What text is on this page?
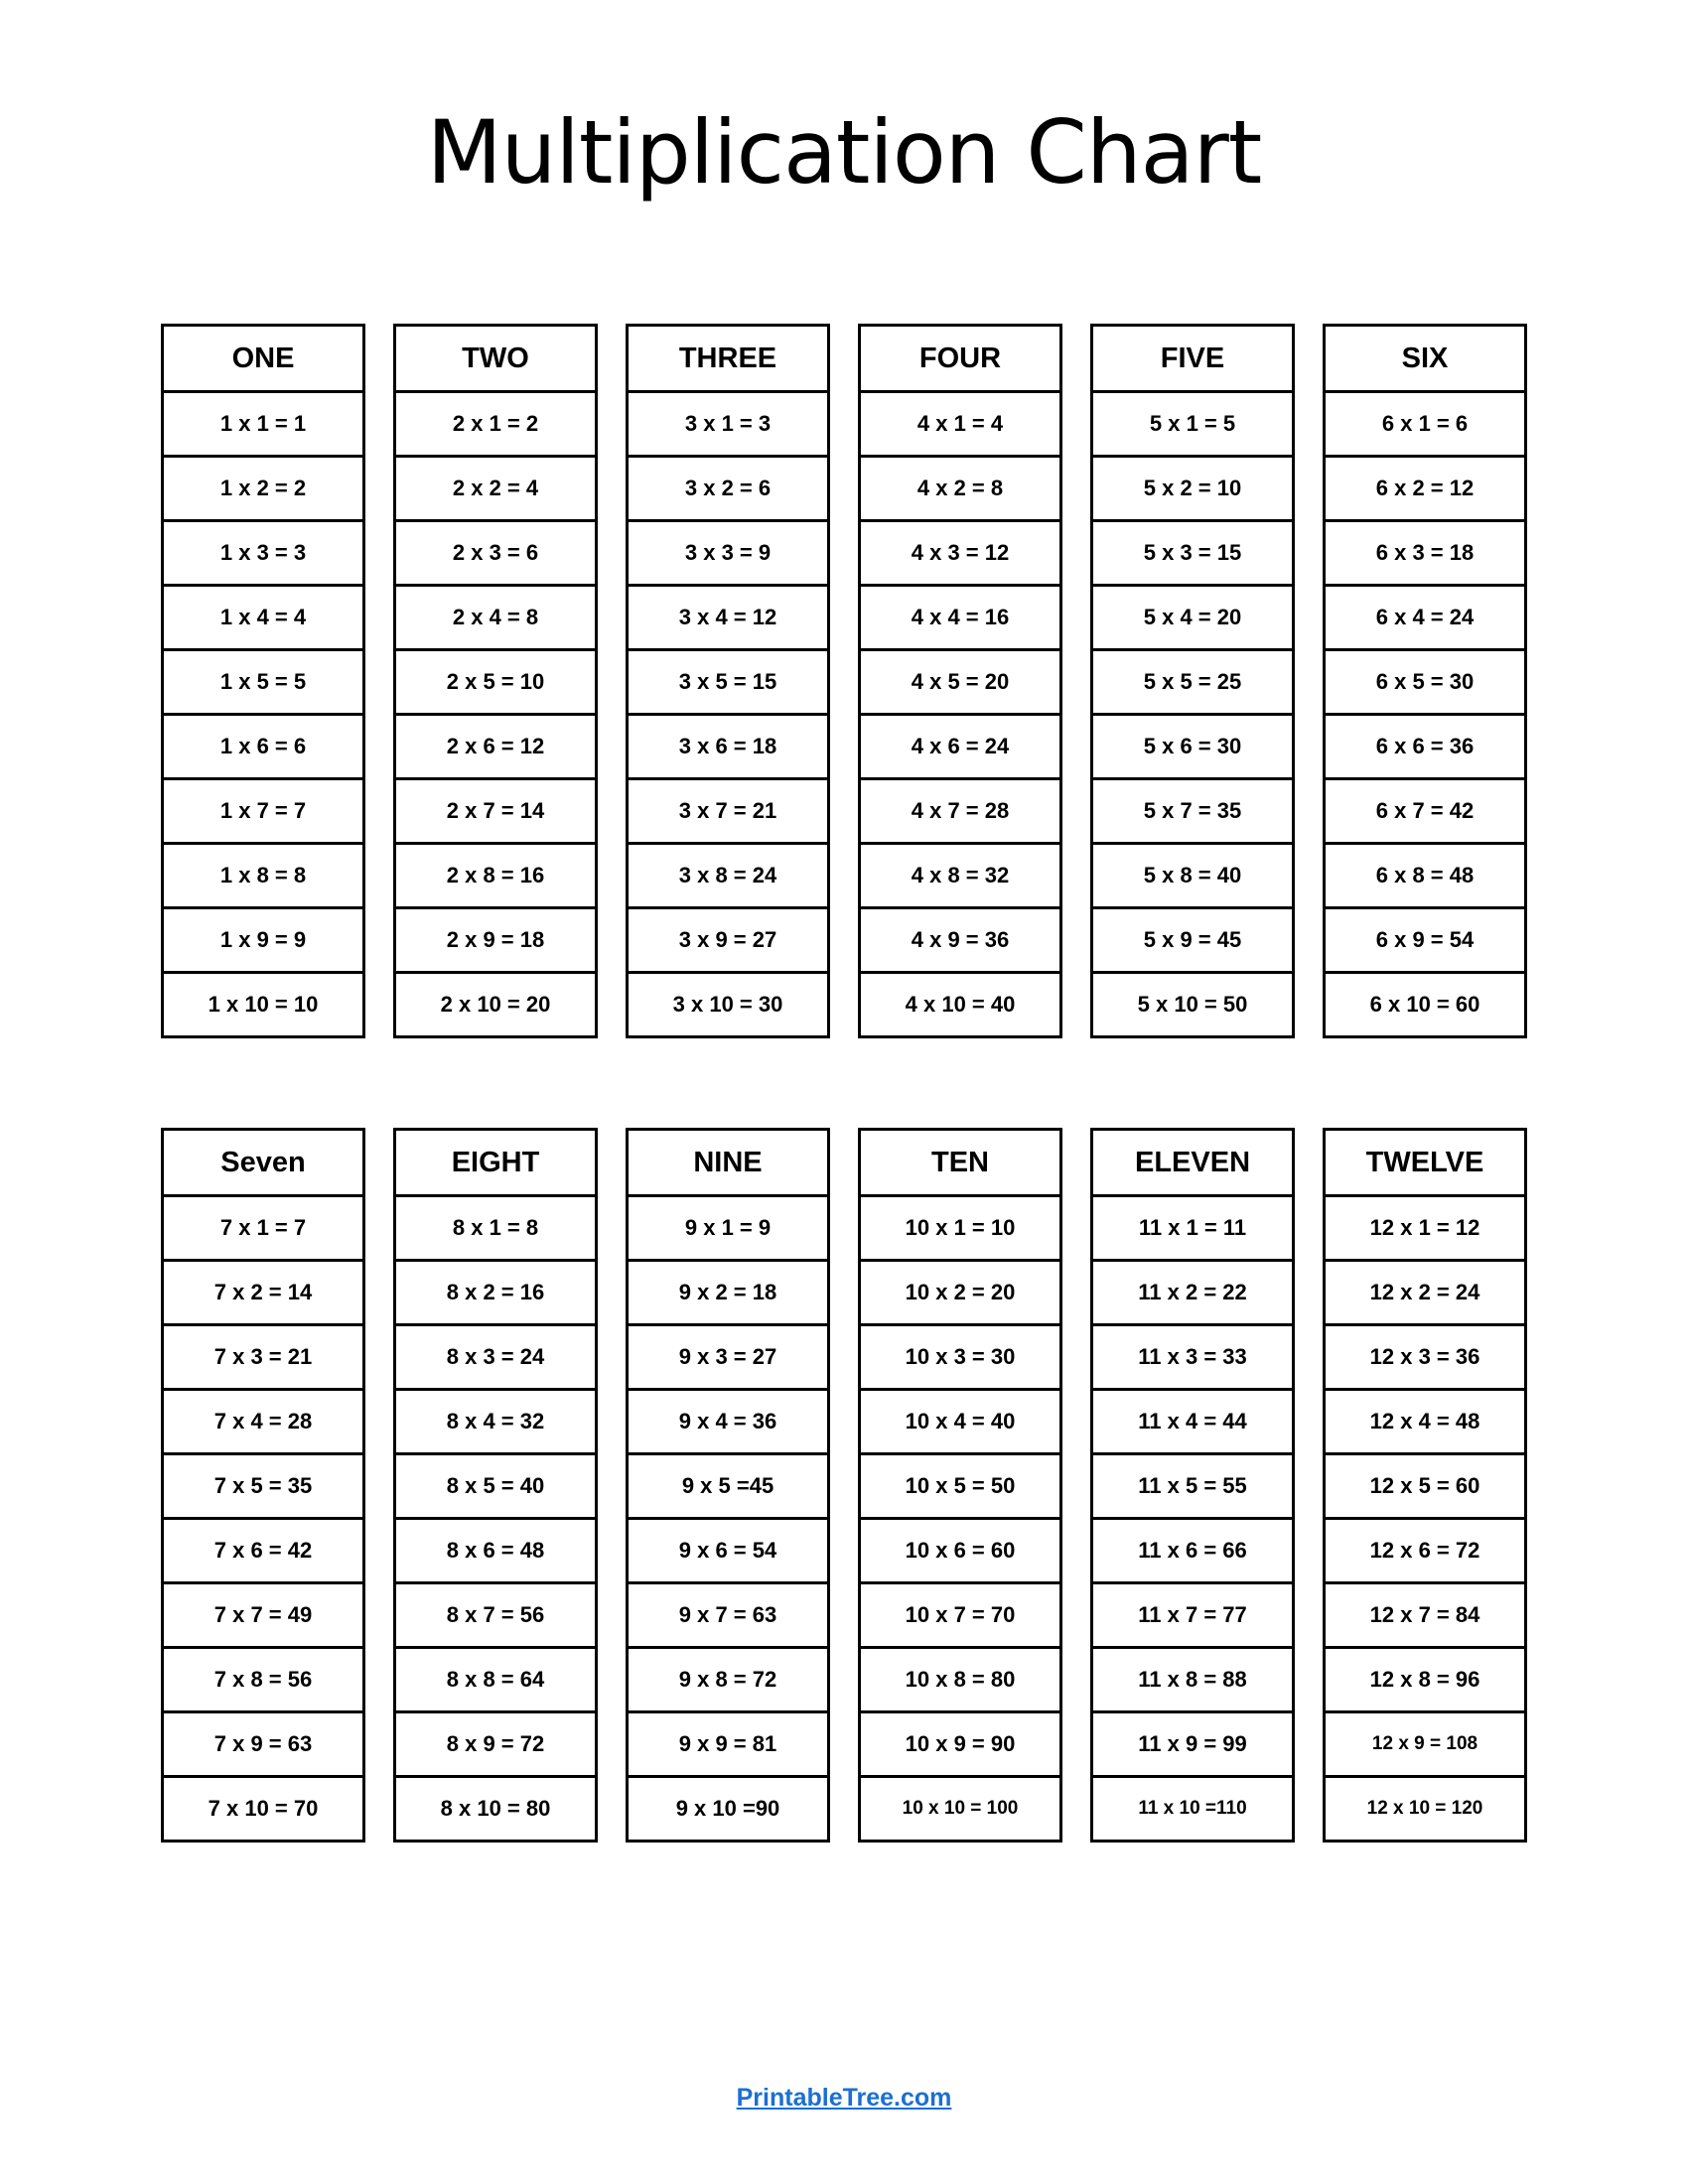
Multiplication Chart
ONE
1 x 1 = 1
1 x 2 = 2
1 x 3 = 3
1 x 4 = 4
1 x 5 = 5
1 x 6 = 6
1 x 7 = 7
1 x 8 = 8
1 x 9 = 9
1 x 10 = 10
TWO
2 x 1 = 2
2 x 2 = 4
2 x 3 = 6
2 x 4 = 8
2 x 5 = 10
2 x 6 = 12
2 x 7 = 14
2 x 8 = 16
2 x 9 = 18
2 x 10 = 20
THREE
3 x 1 = 3
3 x 2 = 6
3 x 3 = 9
3 x 4 = 12
3 x 5 = 15
3 x 6 = 18
3 x 7 = 21
3 x 8 = 24
3 x 9 = 27
3 x 10 = 30
FOUR
4 x 1 = 4
4 x 2 = 8
4 x 3 = 12
4 x 4 = 16
4 x 5 = 20
4 x 6 = 24
4 x 7 = 28
4 x 8 = 32
4 x 9 = 36
4 x 10 = 40
FIVE
5 x 1 = 5
5 x 2 = 10
5 x 3 = 15
5 x 4 = 20
5 x 5 = 25
5 x 6 = 30
5 x 7 = 35
5 x 8 = 40
5 x 9 = 45
5 x 10 = 50
SIX
6 x 1 = 6
6 x 2 = 12
6 x 3 = 18
6 x 4 = 24
6 x 5 = 30
6 x 6 = 36
6 x 7 = 42
6 x 8 = 48
6 x 9 = 54
6 x 10 = 60
Seven
7 x 1 = 7
7 x 2 = 14
7 x 3 = 21
7 x 4 = 28
7 x 5 = 35
7 x 6 = 42
7 x 7 = 49
7 x 8 = 56
7 x 9 = 63
7 x 10 = 70
EIGHT
8 x 1 = 8
8 x 2 = 16
8 x 3 = 24
8 x 4 = 32
8 x 5 = 40
8 x 6 = 48
8 x 7 = 56
8 x 8 = 64
8 x 9 = 72
8 x 10 = 80
NINE
9 x 1 = 9
9 x 2 = 18
9 x 3 = 27
9 x 4 = 36
9 x 5 =45
9 x 6 = 54
9 x 7 = 63
9 x 8 = 72
9 x 9 = 81
9 x 10 =90
TEN
10 x 1 = 10
10 x 2 = 20
10 x 3 = 30
10 x 4 = 40
10 x 5 = 50
10 x 6 = 60
10 x 7 = 70
10 x 8 = 80
10 x 9 = 90
10 x 10 = 100
ELEVEN
11 x 1 = 11
11 x 2 = 22
11 x 3 = 33
11 x 4 = 44
11 x 5 = 55
11 x 6 = 66
11 x 7 = 77
11 x 8 = 88
11 x 9 = 99
11 x 10 =110
TWELVE
12 x 1 = 12
12 x 2 = 24
12 x 3 = 36
12 x 4 = 48
12 x 5 = 60
12 x 6 = 72
12 x 7 = 84
12 x 8 = 96
12 x 9 = 108
12 x 10 = 120
PrintableTree.com
